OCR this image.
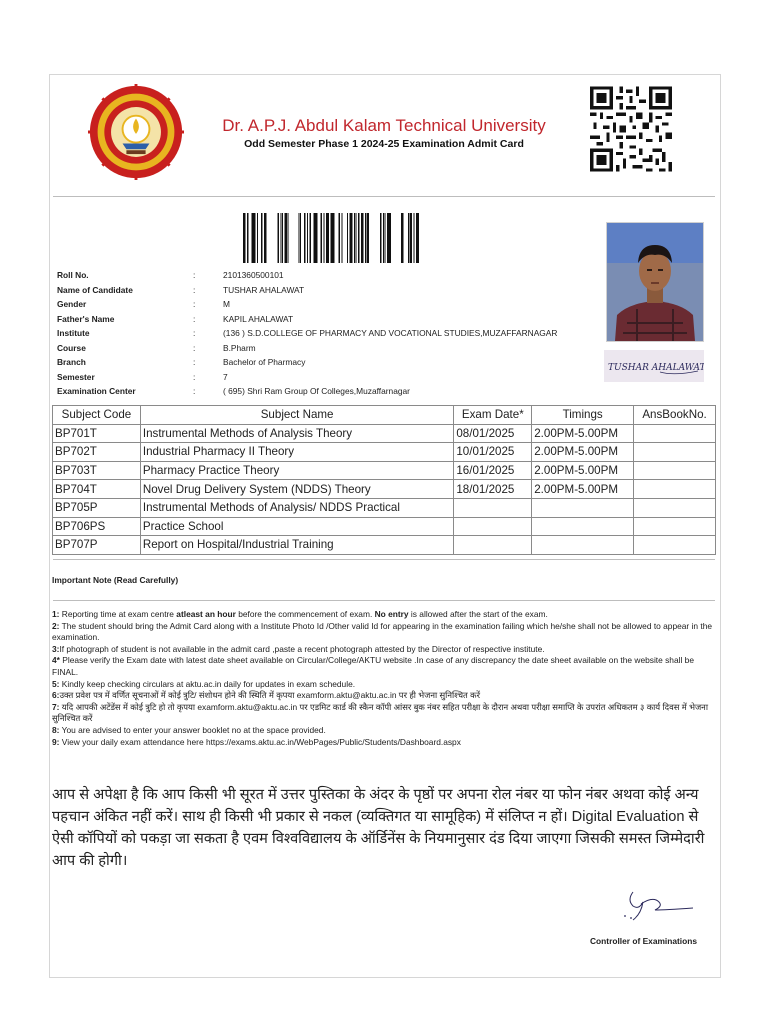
Dr. A.P.J. Abdul Kalam Technical University
Odd Semester Phase 1 2024-25 Examination Admit Card
TUSHAR AHALAWAT
Roll No.	:	2101360500101
Name of Candidate	:	TUSHAR AHALAWAT
Gender	:	M
Father's Name	:	KAPIL AHALAWAT
Institute	:	(136 ) S.D.COLLEGE OF PHARMACY AND VOCATIONAL STUDIES,MUZAFFARNAGAR
Course	:	B.Pharm
Branch	:	Bachelor of Pharmacy
Semester	:	7
Examination Center	:	( 695) Shri Ram Group Of Colleges,Muzaffarnagar
Subject Code	Subject Name	Exam Date*	Timings	AnsBookNo.
BP701T	Instrumental Methods of Analysis Theory	08/01/2025	2.00PM-5.00PM	
BP702T	Industrial Pharmacy II Theory	10/01/2025	2.00PM-5.00PM	
BP703T	Pharmacy Practice Theory	16/01/2025	2.00PM-5.00PM	
BP704T	Novel Drug Delivery System (NDDS) Theory	18/01/2025	2.00PM-5.00PM	
BP705P	Instrumental Methods of Analysis/ NDDS Practical			
BP706PS	Practice School			
BP707P	Report on Hospital/Industrial Training			
Important Note (Read Carefully)

1: Reporting time at exam centre atleast an hour before the commencement of exam. No entry is allowed after the start of the exam.

2: The student should bring the Admit Card along with a Institute Photo Id /Other valid Id for appearing in the examination failing which he/she shall not be allowed to appear in the examination.

3:If photograph of student is not available in the admit card ,paste a recent photograph attested by the Director of respective institute.

4* Please verify the Exam date with latest date sheet available on Circular/College/AKTU website .In case of any discrepancy the date sheet available on the website shall be FINAL.

5: Kindly keep checking circulars at aktu.ac.in daily for updates in exam schedule.

6:उक्त प्रवेश पत्र में वर्णित सूचनाओं में कोई त्रुटि/ संशोधन होने की स्थिति में कृपया examform.aktu@aktu.ac.in पर ही भेजना सुनिश्चित करें

7: यदि आपकी अटेंडेंस में कोई त्रुटि हो तो कृपया examform.aktu@aktu.ac.in पर एडमिट कार्ड की स्कैन कॉपी आंसर बुक नंबर सहित परीक्षा के दौरान अथवा परीक्षा समाप्ति के उपरांत अधिकतम ३ कार्य दिवस में भेजना सुनिश्चित करें

8: You are advised to enter your answer booklet no at the space provided.

9: View your daily exam attendance here https://exams.aktu.ac.in/WebPages/Public/Students/Dashboard.aspx

आप से अपेक्षा है कि आप किसी भी सूरत में उत्तर पुस्तिका के अंदर के पृष्ठों पर अपना रोल नंबर या फोन नंबर अथवा कोई अन्य पहचान अंकित नहीं करें। साथ ही किसी भी प्रकार से नकल (व्यक्तिगत या सामूहिक) में संलिप्त न हों। Digital Evaluation से ऐसी कॉपियों को पकड़ा जा सकता है एवम विश्वविद्यालय के ऑर्डिनेंस के नियमानुसार दंड दिया जाएगा जिसकी समस्त जिम्मेदारी आप की होगी।
Controller of Examinations
